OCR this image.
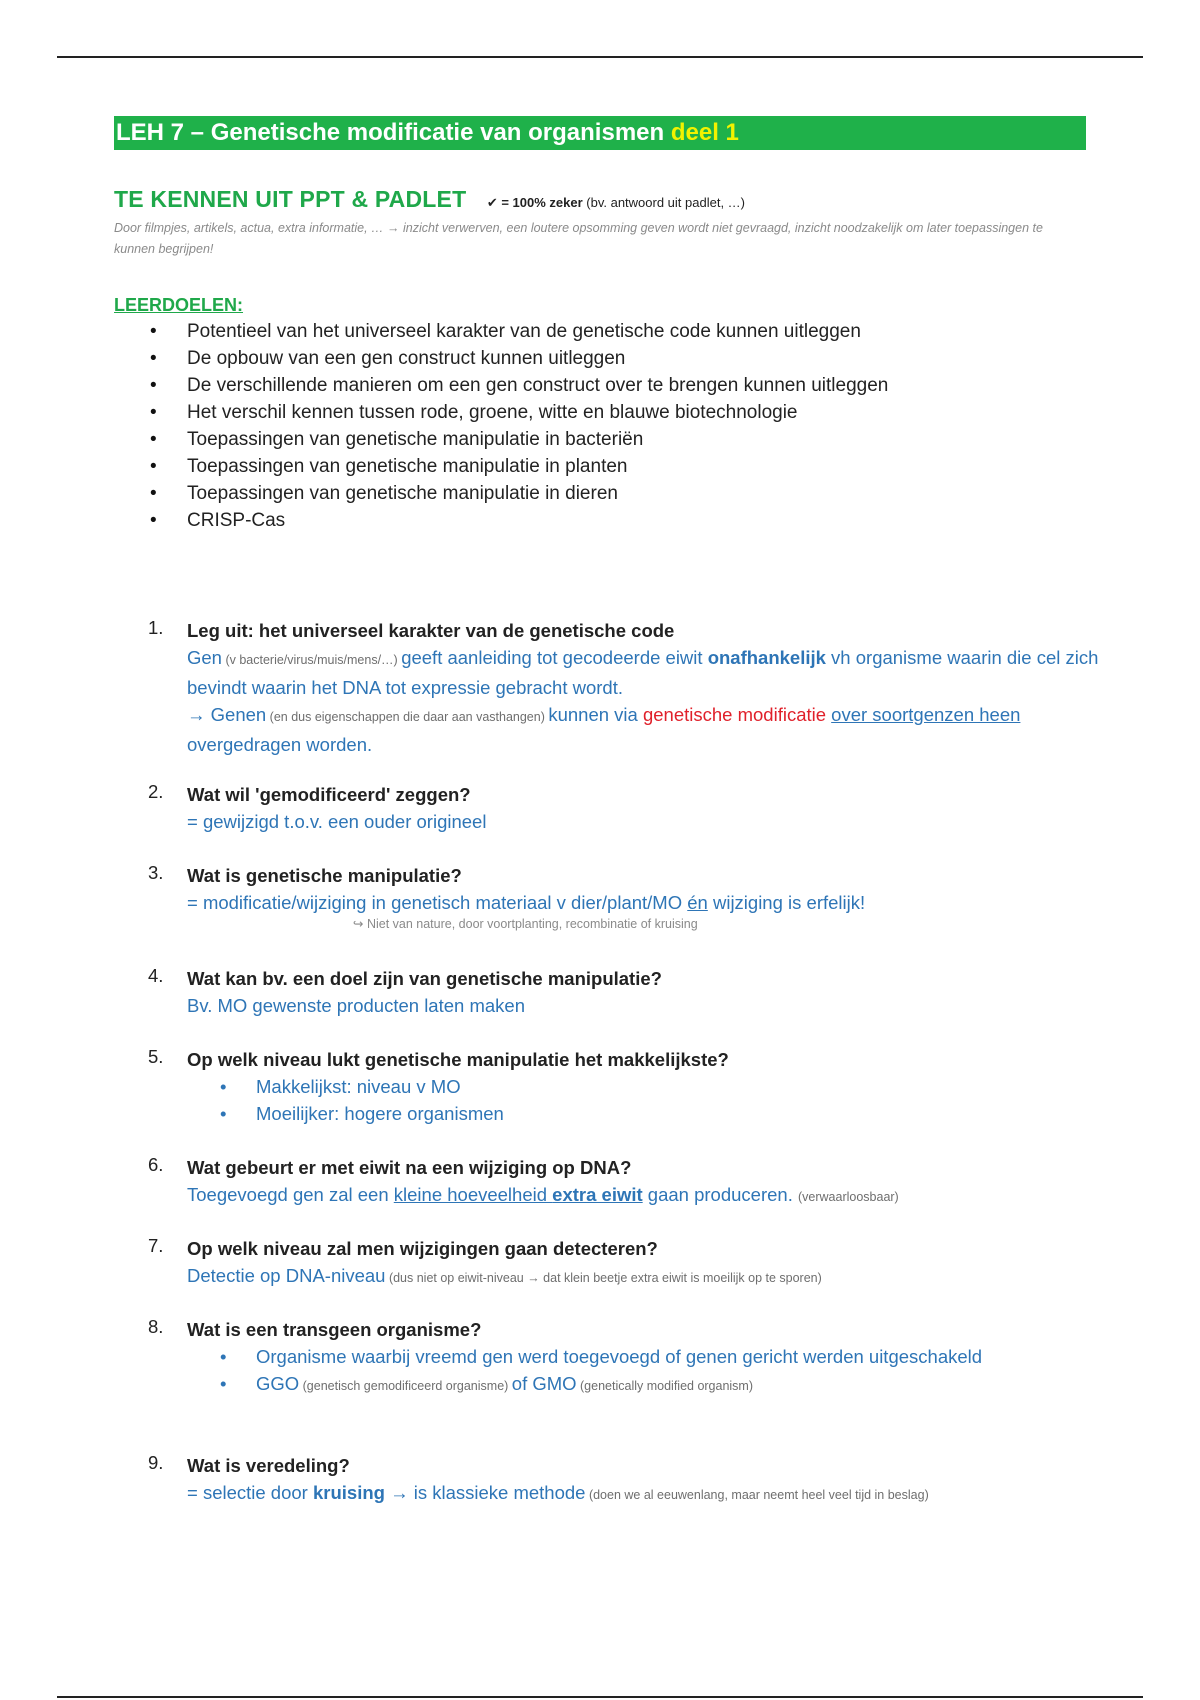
LEH 7 – Genetische modificatie van organismen deel 1
TE KENNEN UIT PPT & PADLET ✔ = 100% zeker (bv. antwoord uit padlet, …)
Door filmpjes, artikels, actua, extra informatie, … → inzicht verwerven, een loutere opsomming geven wordt niet gevraagd, inzicht noodzakelijk om later toepassingen te kunnen begrijpen!
LEERDOELEN:
• Potentieel van het universeel karakter van de genetische code kunnen uitleggen
• De opbouw van een gen construct kunnen uitleggen
• De verschillende manieren om een gen construct over te brengen kunnen uitleggen
• Het verschil kennen tussen rode, groene, witte en blauwe biotechnologie
• Toepassingen van genetische manipulatie in bacteriën
• Toepassingen van genetische manipulatie in planten
• Toepassingen van genetische manipulatie in dieren
• CRISP-Cas
1. Leg uit: het universeel karakter van de genetische code
Gen (v bacterie/virus/muis/mens/…) geeft aanleiding tot gecodeerde eiwit onafhankelijk vh organisme waarin die cel zich bevindt waarin het DNA tot expressie gebracht wordt.
→ Genen (en dus eigenschappen die daar aan vasthangen) kunnen via genetische modificatie over soortgenzen heen overgedragen worden.
2. Wat wil 'gemodificeerd' zeggen?
= gewijzigd t.o.v. een ouder origineel
3. Wat is genetische manipulatie?
= modificatie/wijziging in genetisch materiaal v dier/plant/MO én wijziging is erfelijk!
↪ Niet van nature, door voortplanting, recombinatie of kruising
4. Wat kan bv. een doel zijn van genetische manipulatie?
Bv. MO gewenste producten laten maken
5. Op welk niveau lukt genetische manipulatie het makkelijkste?
• Makkelijkst: niveau v MO
• Moeilijker: hogere organismen
6. Wat gebeurt er met eiwit na een wijziging op DNA?
Toegevoegd gen zal een kleine hoeveelheid extra eiwit gaan produceren. (verwaarloosbaar)
7. Op welk niveau zal men wijzigingen gaan detecteren?
Detectie op DNA-niveau (dus niet op eiwit-niveau → dat klein beetje extra eiwit is moeilijk op te sporen)
8. Wat is een transgeen organisme?
• Organisme waarbij vreemd gen werd toegevoegd of genen gericht werden uitgeschakeld
• GGO (genetisch gemodificeerd organisme) of GMO (genetically modified organism)
9. Wat is veredeling?
= selectie door kruising → is klassieke methode (doen we al eeuwenlang, maar neemt heel veel tijd in beslag)
